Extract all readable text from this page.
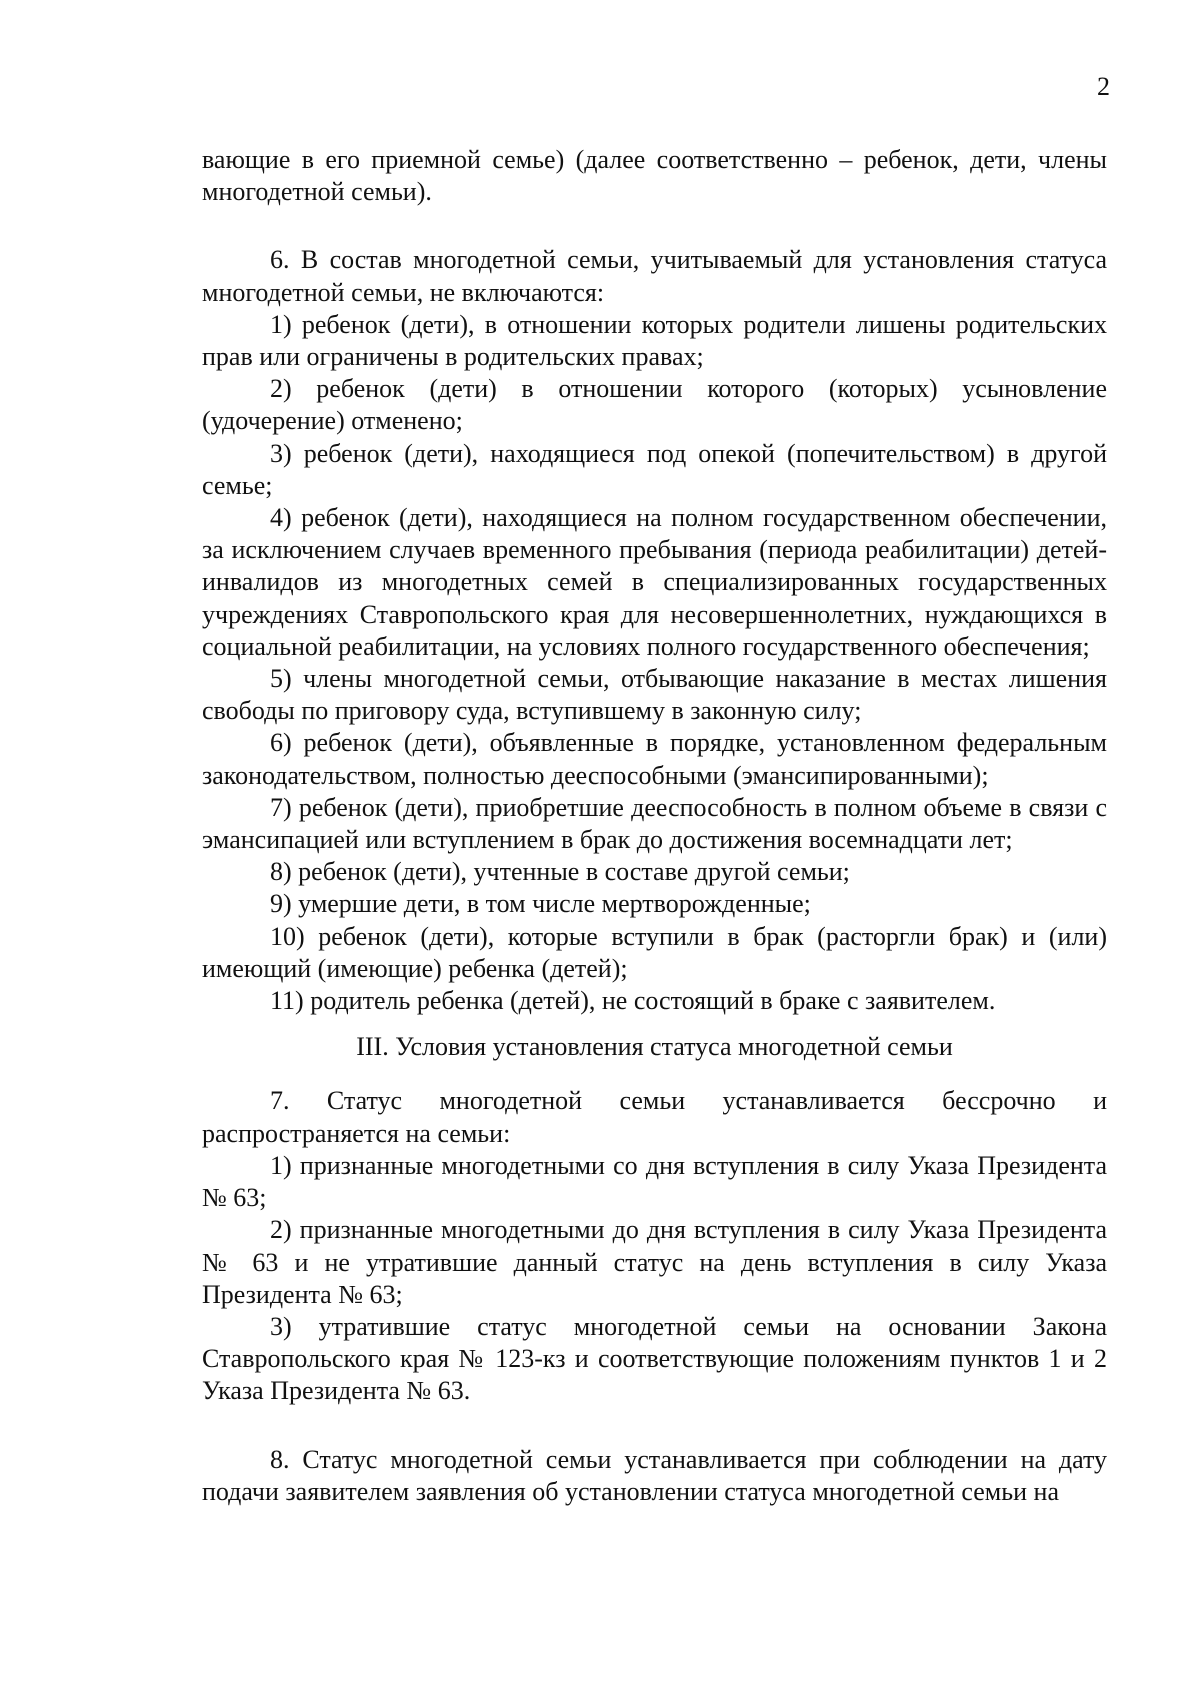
2

вающие в его приемной семье) (далее соответственно – ребенок, дети, члены многодетной семьи).

6. В состав многодетной семьи, учитываемый для установления статуса многодетной семьи, не включаются:

1) ребенок (дети), в отношении которых родители лишены родительских прав или ограничены в родительских правах;

2) ребенок (дети) в отношении которого (которых) усыновление (удочерение) отменено;

3) ребенок (дети), находящиеся под опекой (попечительством) в другой семье;

4) ребенок (дети), находящиеся на полном государственном обеспечении, за исключением случаев временного пребывания (периода реабилитации) детей-инвалидов из многодетных семей в специализированных государственных учреждениях Ставропольского края для несовершеннолетних, нуждающихся в социальной реабилитации, на условиях полного государственного обеспечения;

5) члены многодетной семьи, отбывающие наказание в местах лишения свободы по приговору суда, вступившему в законную силу;

6) ребенок (дети), объявленные в порядке, установленном федеральным законодательством, полностью дееспособными (эмансипированными);

7) ребенок (дети), приобретшие дееспособность в полном объеме в связи с эмансипацией или вступлением в брак до достижения восемнадцати лет;

8) ребенок (дети), учтенные в составе другой семьи;

9) умершие дети, в том числе мертворожденные;

10) ребенок (дети), которые вступили в брак (расторгли брак) и (или) имеющий (имеющие) ребенка (детей);

11) родитель ребенка (детей), не состоящий в браке с заявителем.

III. Условия установления статуса многодетной семьи

7. Статус многодетной семьи устанавливается бессрочно и распространяется на семьи:

1) признанные многодетными со дня вступления в силу Указа Президента № 63;

2) признанные многодетными до дня вступления в силу Указа Президента № 63 и не утратившие данный статус на день вступления в силу Указа Президента № 63;

3) утратившие статус многодетной семьи на основании Закона Ставропольского края № 123-кз и соответствующие положениям пунктов 1 и 2 Указа Президента № 63.

8. Статус многодетной семьи устанавливается при соблюдении на дату подачи заявителем заявления об установлении статуса многодетной семьи на
